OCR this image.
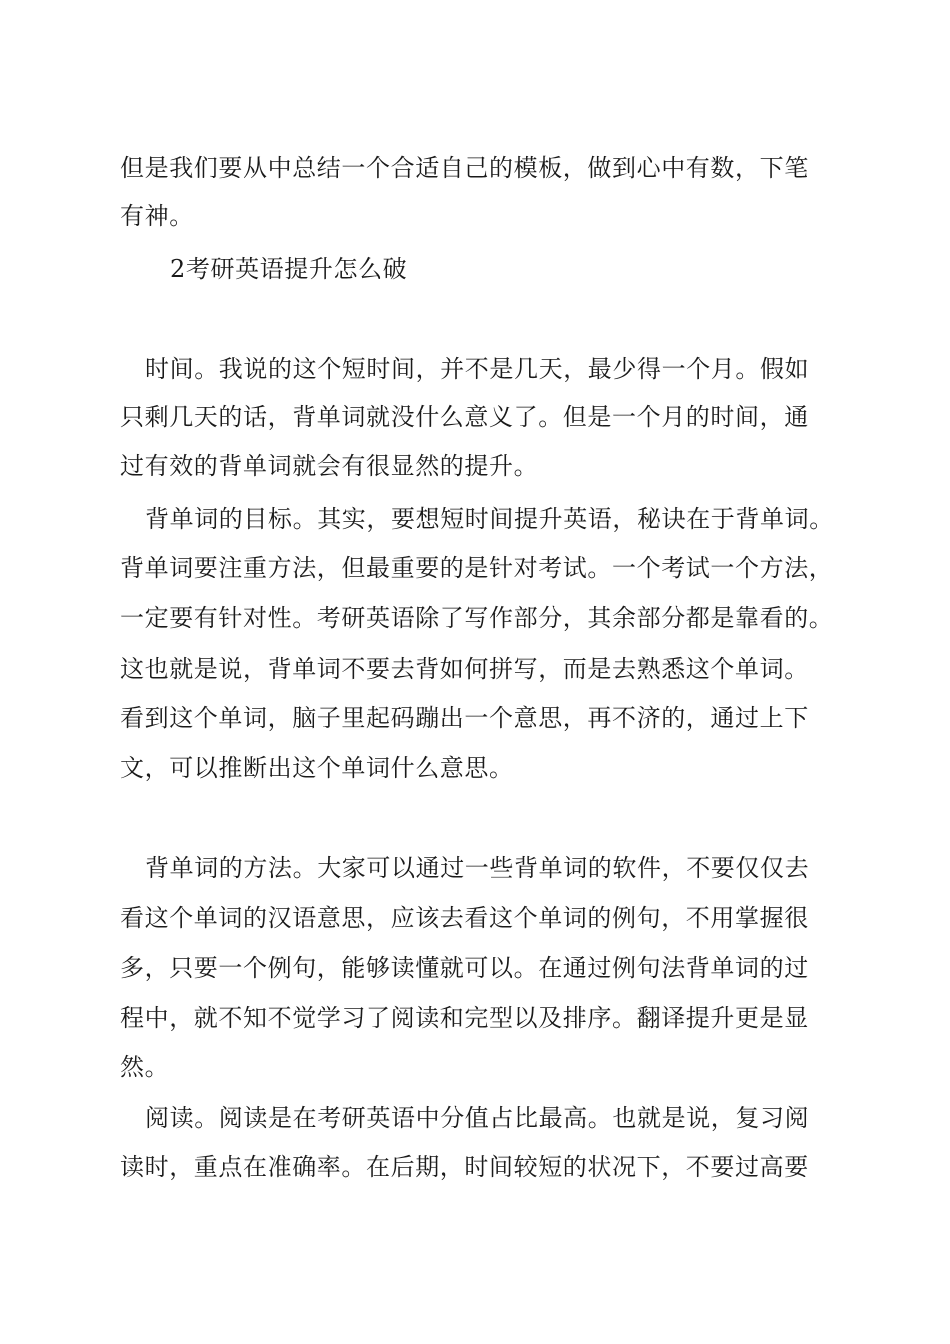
但是我们要从中总结一个合适自己的模板，做到心中有数，下笔
有神。
2考研英语提升怎么破
时间。我说的这个短时间，并不是几天，最少得一个月。假如
只剩几天的话，背单词就没什么意义了。但是一个月的时间，通
过有效的背单词就会有很显然的提升。
背单词的目标。其实，要想短时间提升英语，秘诀在于背单词。
背单词要注重方法，但最重要的是针对考试。一个考试一个方法，
一定要有针对性。考研英语除了写作部分，其余部分都是靠看的。
这也就是说，背单词不要去背如何拼写，而是去熟悉这个单词。
看到这个单词，脑子里起码蹦出一个意思，再不济的，通过上下
文，可以推断出这个单词什么意思。
背单词的方法。大家可以通过一些背单词的软件，不要仅仅去
看这个单词的汉语意思，应该去看这个单词的例句，不用掌握很
多，只要一个例句，能够读懂就可以。在通过例句法背单词的过
程中，就不知不觉学习了阅读和完型以及排序。翻译提升更是显
然。
阅读。阅读是在考研英语中分值占比最高。也就是说，复习阅
读时，重点在准确率。在后期，时间较短的状况下，不要过高要
